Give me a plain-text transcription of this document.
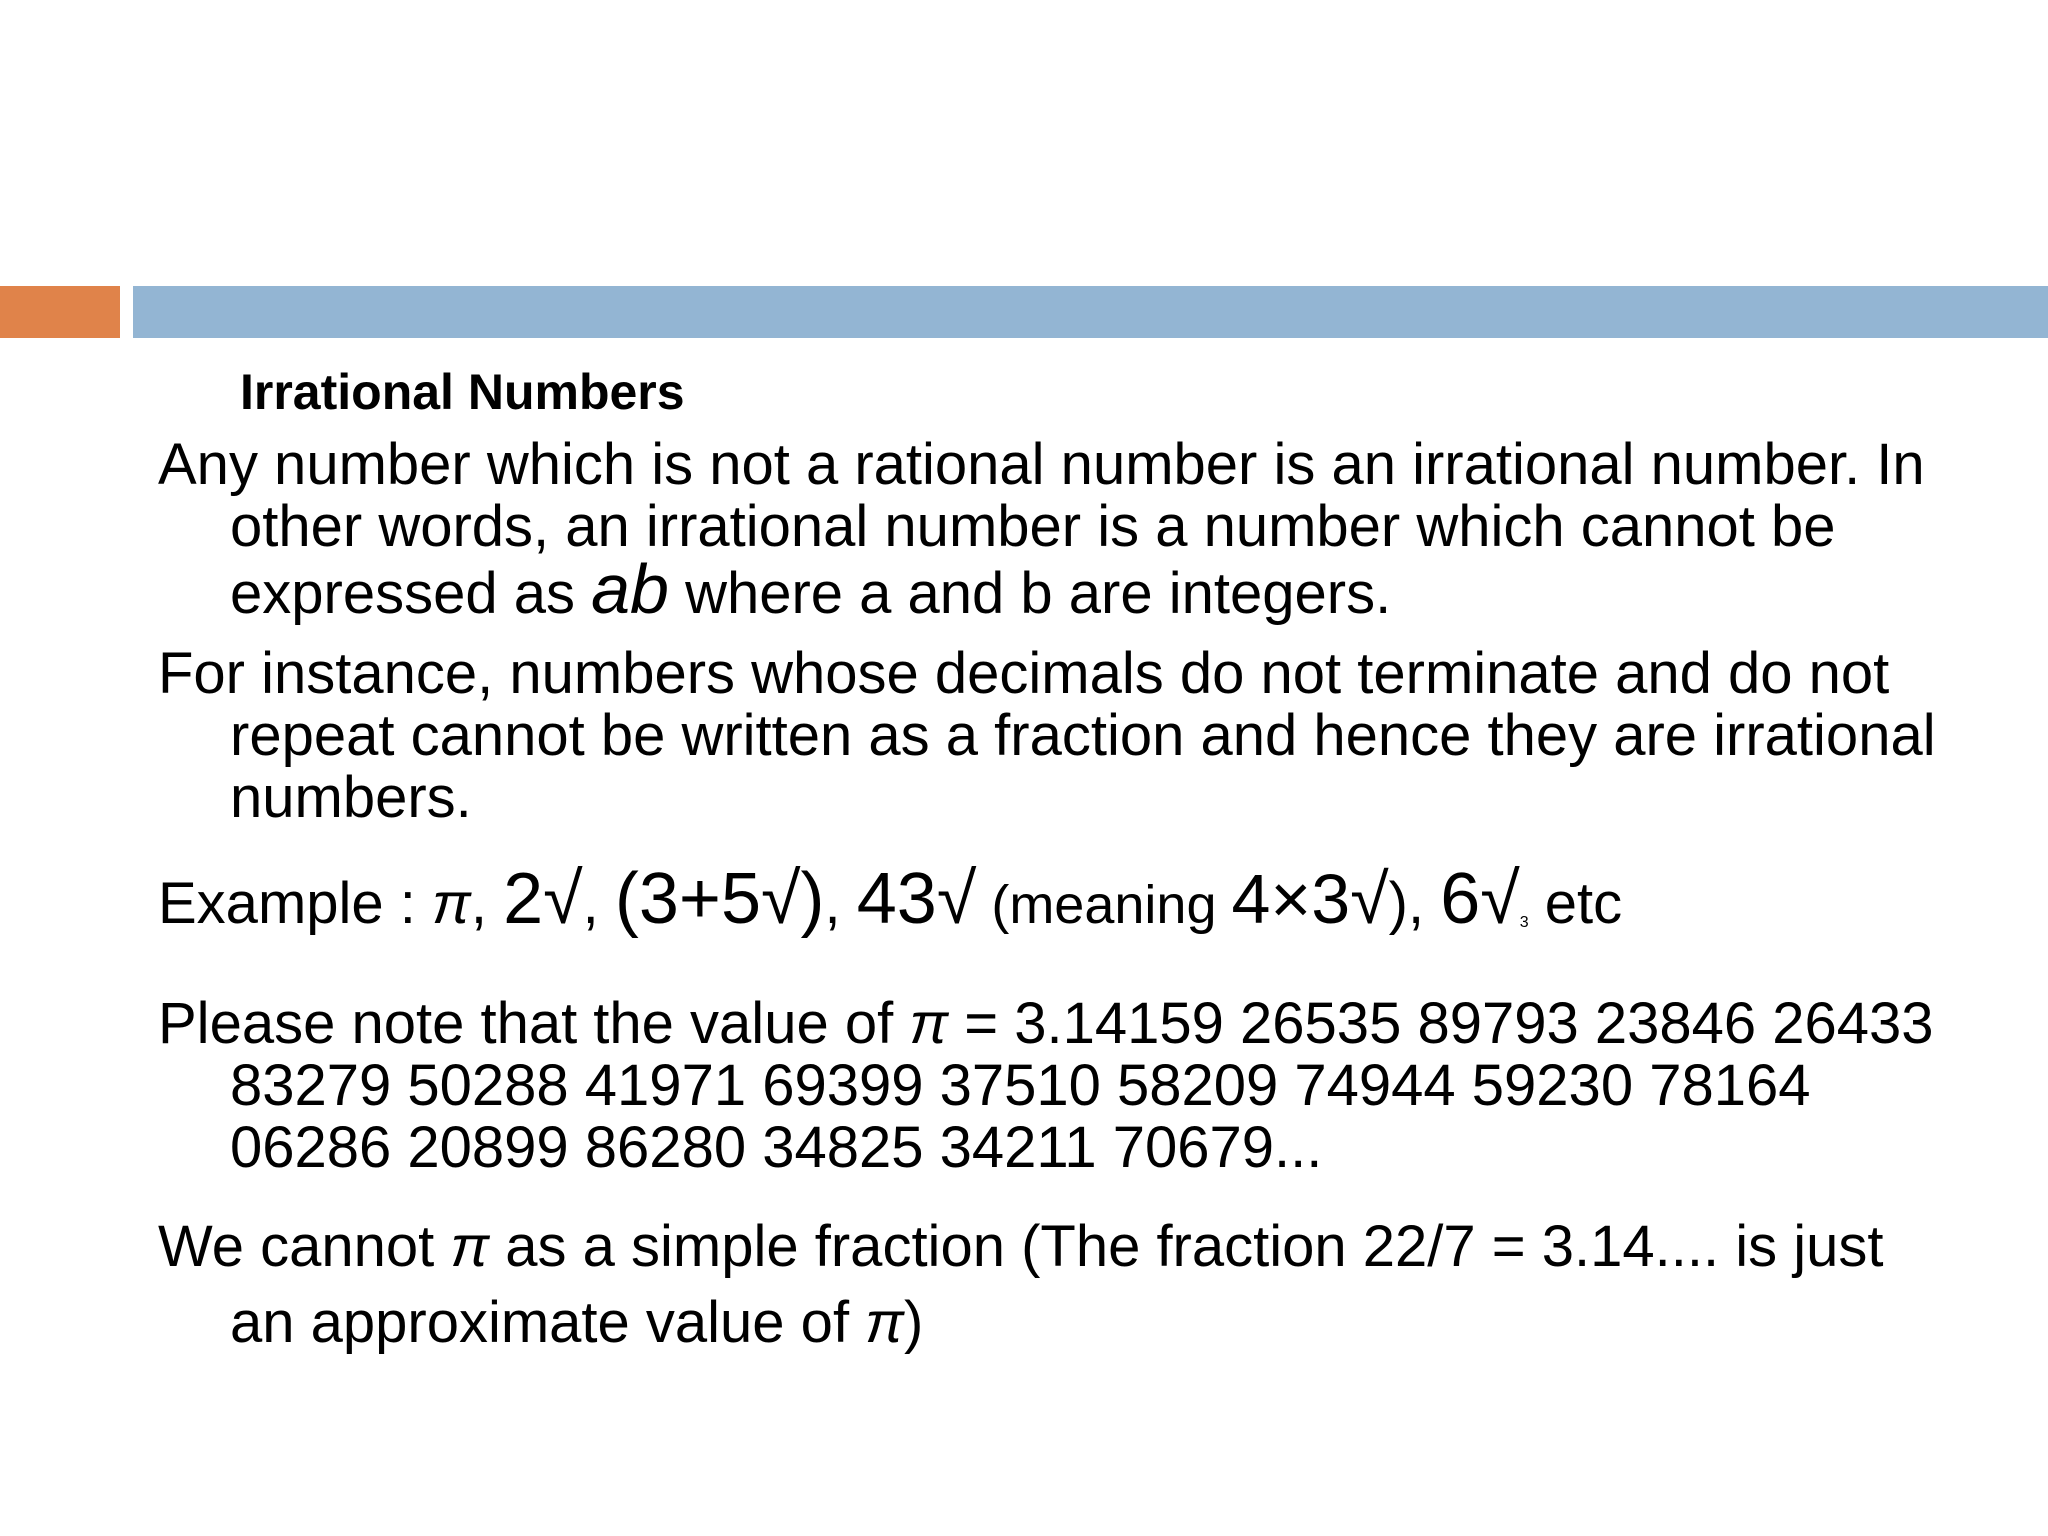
Irrational Numbers

Any number which is not a rational number is an irrational number. In other words, an irrational number is a number which cannot be expressed as ab where a and b are integers.

For instance, numbers whose decimals do not terminate and do not repeat cannot be written as a fraction and hence they are irrational numbers.

Example : π, 2√, (3+5√), 43√ (meaning 4×3√), 6√3 etc

Please note that the value of π = 3.14159 26535 89793 23846 26433 83279 50288 41971 69399 37510 58209 74944 59230 78164 06286 20899 86280 34825 34211 70679...

We cannot π as a simple fraction (The fraction 22/7 = 3.14.... is just an approximate value of π)
